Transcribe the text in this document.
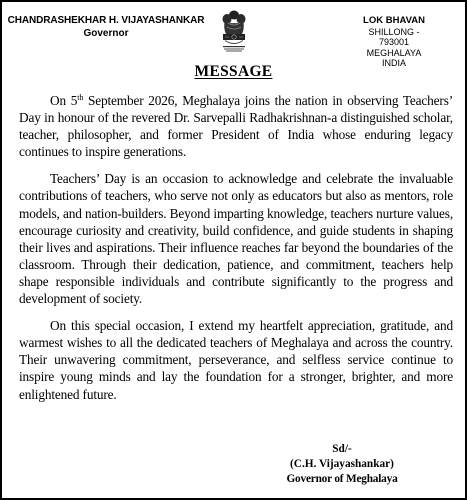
CHANDRASHEKHAR H. VIJAYASHANKAR
Governor
LOK BHAVAN
SHILLONG - 793001
MEGHALAYA
INDIA
MESSAGE

On 5th September 2026, Meghalaya joins the nation in observing Teachers’ Day in honour of the revered Dr. Sarvepalli Radhakrishnan-a distinguished scholar, teacher, philosopher, and former President of India whose enduring legacy continues to inspire generations.

Teachers’ Day is an occasion to acknowledge and celebrate the invaluable contributions of teachers, who serve not only as educators but also as mentors, role models, and nation-builders. Beyond imparting knowledge, teachers nurture values, encourage curiosity and creativity, build confidence, and guide students in shaping their lives and aspirations. Their influence reaches far beyond the boundaries of the classroom. Through their dedication, patience, and commitment, teachers help shape responsible individuals and contribute significantly to the progress and development of society.

On this special occasion, I extend my heartfelt appreciation, gratitude, and warmest wishes to all the dedicated teachers of Meghalaya and across the country. Their unwavering commitment, perseverance, and selfless service continue to inspire young minds and lay the foundation for a stronger, brighter, and more enlightened future.

Sd/-
(C.H. Vijayashankar)
Governor of Meghalaya
